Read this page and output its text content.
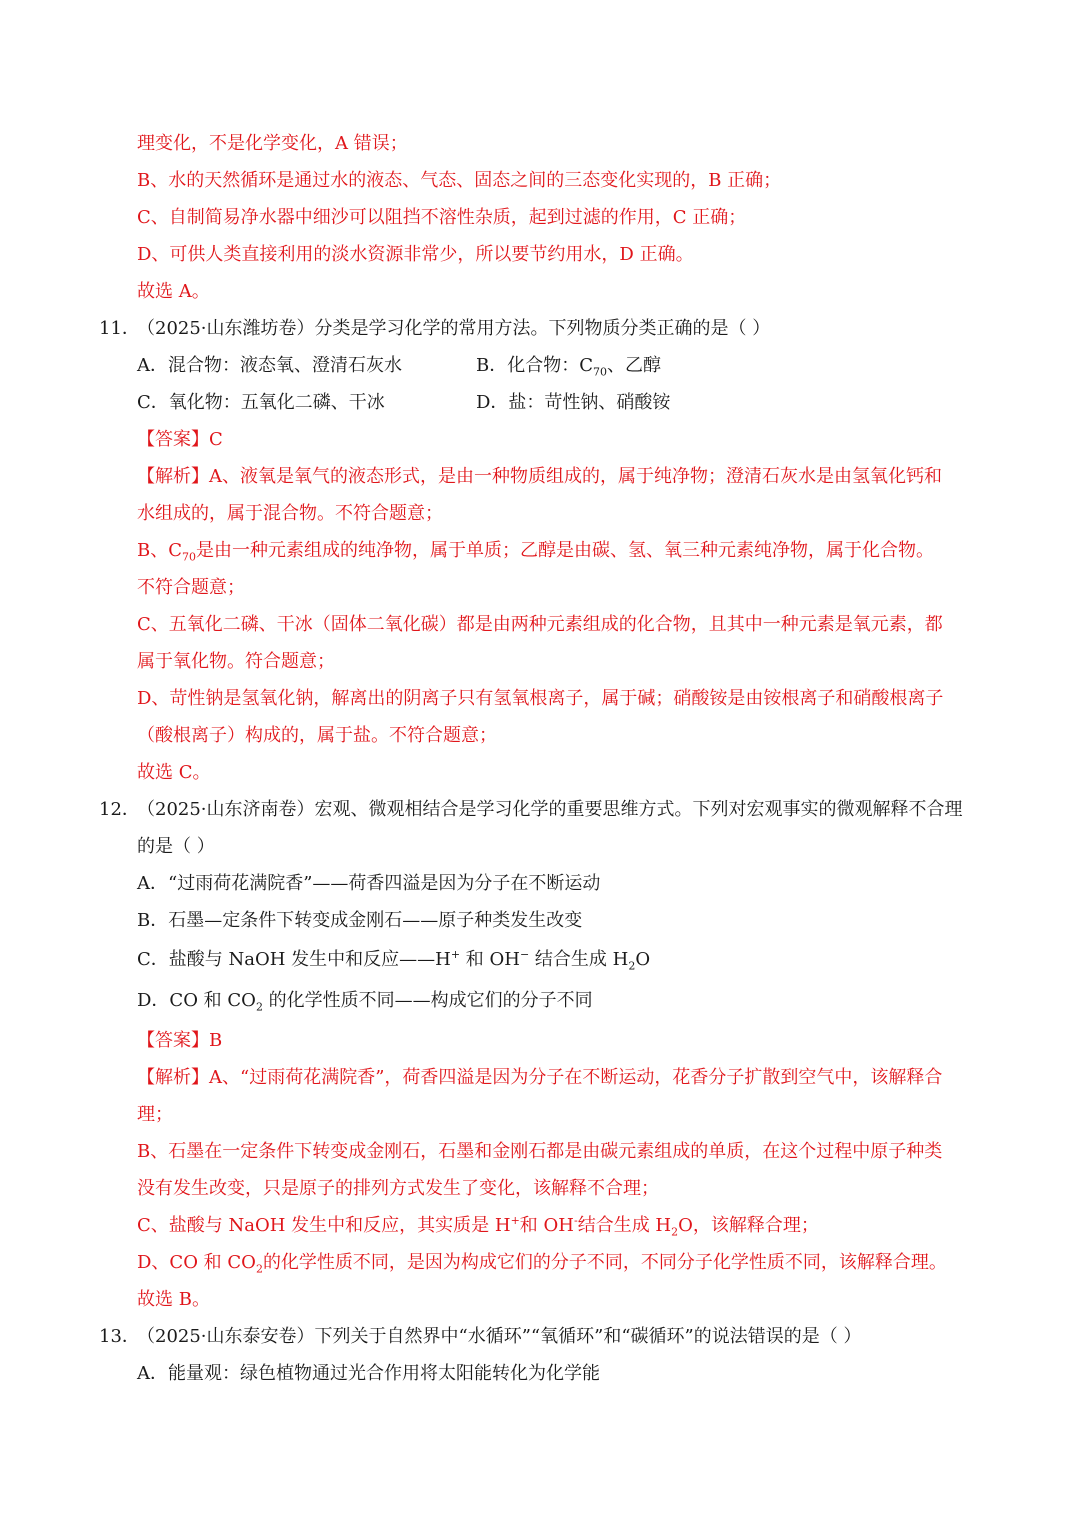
理变化，不是化学变化，A 错误；
B、水的天然循环是通过水的液态、气态、固态之间的三态变化实现的，B 正确；
C、自制简易净水器中细沙可以阻挡不溶性杂质，起到过滤的作用，C 正确；
D、可供人类直接利用的淡水资源非常少，所以要节约用水，D 正确。
故选 A。
11．
（2025·山东潍坊卷）分类是学习化学的常用方法。下列物质分类正确的是（ ）
A．混合物：液态氧、澄清石灰水	B．化合物：$C_{70}$、乙醇
C．氧化物：五氧化二磷、干冰	D．盐：苛性钠、硝酸铵
【答案】C
【解析】A、液氧是氧气的液态形式，是由一种物质组成的，属于纯净物；澄清石灰水是由氢氧化钙和
水组成的，属于混合物。不符合题意；
B、$C_{70}$是由一种元素组成的纯净物，属于单质；乙醇是由碳、氢、氧三种元素纯净物，属于化合物。
不符合题意；
C、五氧化二磷、干冰（固体二氧化碳）都是由两种元素组成的化合物，且其中一种元素是氧元素，都
属于氧化物。符合题意；
D、苛性钠是氢氧化钠，解离出的阴离子只有氢氧根离子，属于碱；硝酸铵是由铵根离子和硝酸根离子
（酸根离子）构成的，属于盐。不符合题意；
故选 C。
12．
（2025·山东济南卷）宏观、微观相结合是学习化学的重要思维方式。下列对宏观事实的微观解释不合理
的是（ ）
A．“过雨荷花满院香”——荷香四溢是因为分子在不断运动
B．石墨—定条件下转变成金刚石——原子种类发生改变
C．盐酸与 NaOH 发生中和反应——H+ 和 OH− 结合生成 $H_2O$
D．CO 和 $CO_2$ 的化学性质不同——构成它们的分子不同
【答案】B
【解析】A、“过雨荷花满院香”，荷香四溢是因为分子在不断运动，花香分子扩散到空气中，该解释合
理；
B、石墨在一定条件下转变成金刚石，石墨和金刚石都是由碳元素组成的单质，在这个过程中原子种类
没有发生改变，只是原子的排列方式发生了变化，该解释不合理；
C、盐酸与 NaOH 发生中和反应，其实质是 H+和 OH-结合生成 $H_2O$，该解释合理；
D、CO 和 $CO_2$的化学性质不同，是因为构成它们的分子不同，不同分子化学性质不同，该解释合理。
故选 B。
13．
（2025·山东泰安卷）下列关于自然界中“水循环”“氧循环”和“碳循环”的说法错误的是（ ）
A．能量观：绿色植物通过光合作用将太阳能转化为化学能
